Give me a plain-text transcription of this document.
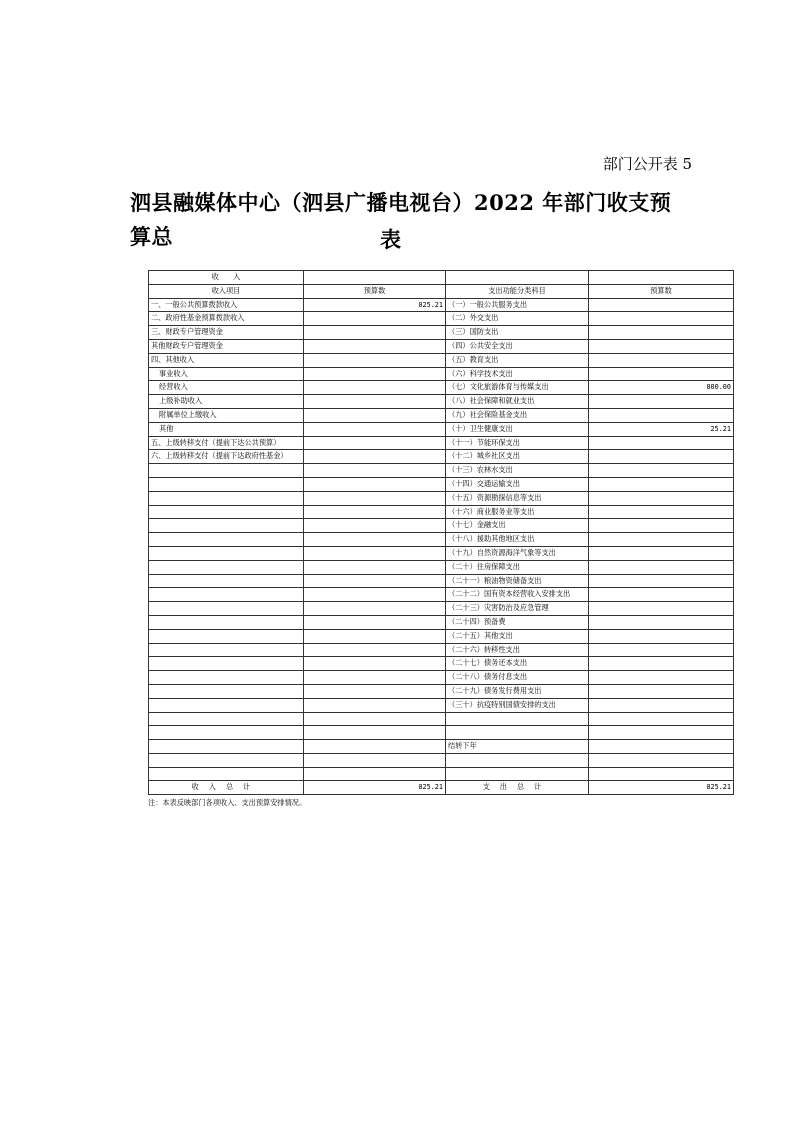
部门公开表 5
泗县融媒体中心（泗县广播电视台）2022 年部门收支预算总	表
收　　入			
收入项目	预算数	支出功能分类科目	预算数
一、一般公共预算拨款收入	825.21	（一）一般公共服务支出	
二、政府性基金预算拨款收入		（二）外交支出	
三、财政专户管理资金		（三）国防支出	
其他财政专户管理资金		（四）公共安全支出	
四、其他收入		（五）教育支出	
事业收入		（六）科学技术支出	
经营收入		（七）文化旅游体育与传媒支出	800.00
上级补助收入		（八）社会保障和就业支出	
附属单位上缴收入		（九）社会保险基金支出	
其他		（十）卫生健康支出	25.21
五、上级转移支付（提前下达公共预算）		（十一）节能环保支出	
六、上级转移支付（提前下达政府性基金）		（十二）城乡社区支出	
		（十三）农林水支出	
		（十四）交通运输支出	
		（十五）资源勘探信息等支出	
		（十六）商业服务业等支出	
		（十七）金融支出	
		（十八）援助其他地区支出	
		（十九）自然资源海洋气象等支出	
		（二十）住房保障支出	
		（二十一）粮油物资储备支出	
		（二十二）国有资本经营收入安排支出	
		（二十三）灾害防治及应急管理	
		（二十四）预备费	
		（二十五）其他支出	
		（二十六）转移性支出	
		（二十七）债务还本支出	
		（二十八）债务付息支出	
		（二十九）债务发行费用支出	
		（三十）抗疫特别国债安排的支出	

		结转下年	

收入总计	825.21	支出总计	825.21
注：本表反映部门各项收入、支出预算安排情况。
